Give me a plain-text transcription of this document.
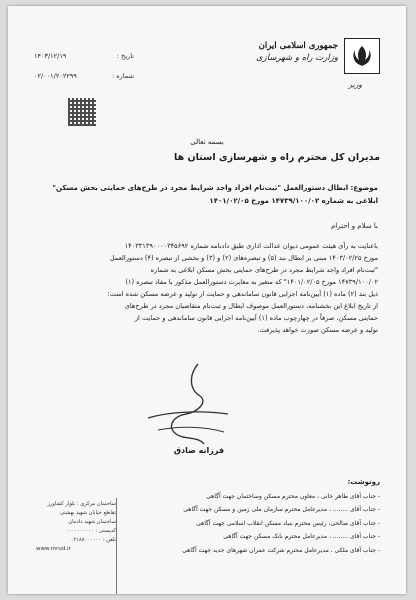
جمهوری اسلامی ایران
وزارت راه و شهرسازی
وزیر
تاریخ :
۱۴۰۳/۱۲/۱۹
شماره :
۰۲/۰۰۱/۲۰۲۲۹۹
بسمه تعالی
مدیران کل محترم راه و شهرسازی استان ها
موضوع: ابطال دستورالعمل "ثبت‌نام افراد واجد شرایط مجرد در طرح‌های حمایتی بخش مسکن" ابلاغی به شماره ۱۴۷۳۹/۱۰۰/۰۲ مورخ ۱۴۰۱/۰۲/۰۵
با سلام و احترام

باعنایت به رأی هیئت عمومی دیوان عدالت اداری طبق دادنامه شماره ۱۴۰۳۳۱۳۹۰۰۰۰۳۴۵۶۹۲

مورخ ۱۴۰۳/۰۲/۲۵ مبنی بر ابطال بند (۵) و تبصره‌های (۲) و (۳) و بخشی از تبصره (۴) دستورالعمل

"ثبت‌نام افراد واجد شرایط مجرد در طرح‌های حمایتی بخش مسکن ابلاغی به شماره

۱۴۷۳۹/۱۰۰/۰۲ مورخ ۱۴۰۱/۰۲/۰۵" که متغیر به مغایرت دستورالعمل مذکور با مفاد تبصره (۱)

ذیل بند (۲) ماده (۱) آیین‌نامه اجرایی قانون ساماندهی و حمایت از تولید و عرضه مسکن شده است؛

از تاریخ ابلاغ این بخشنامه، دستورالعمل موصوف ابطال و ثبت‌نام متقاضیان مجرد در طرح‌های

حمایتی مسکن، صرفاً در چهارچوب ماده (۱) آیین‌نامه اجرایی قانون ساماندهی و حمایت از

تولید و عرضه مسکن صورت خواهد پذیرفت.

فرزانه صادق
رونوشت:
- جناب آقای طاهر خانی ، معاون محترم مسکن وساختمان جهت آگاهی
- جناب آقای ........ ، مدیرعامل محترم سازمان ملی زمین و مسکن جهت آگاهی
- جناب آقای صالحی، رئیس محترم بنیاد مسکن انقلاب اسلامی جهت آگاهی
- جناب آقای ........ ، مدیرعامل محترم بانک مسکن جهت آگاهی
- جناب آقای ملکی ، مدیرعامل محترم شرکت عمران شهرهای جدید جهت آگاهی
ساختمان مرکزی : بلوار کشاورز
تقاطع خیابان شهید بهشتی
ساختمان شهید دادمان
کدپستی : ۰۰۰۰۰۰۰۰۰۰
تلفن : ۰۲۱۸۸۰۰۰۰۰۰
www.mrud.ir
